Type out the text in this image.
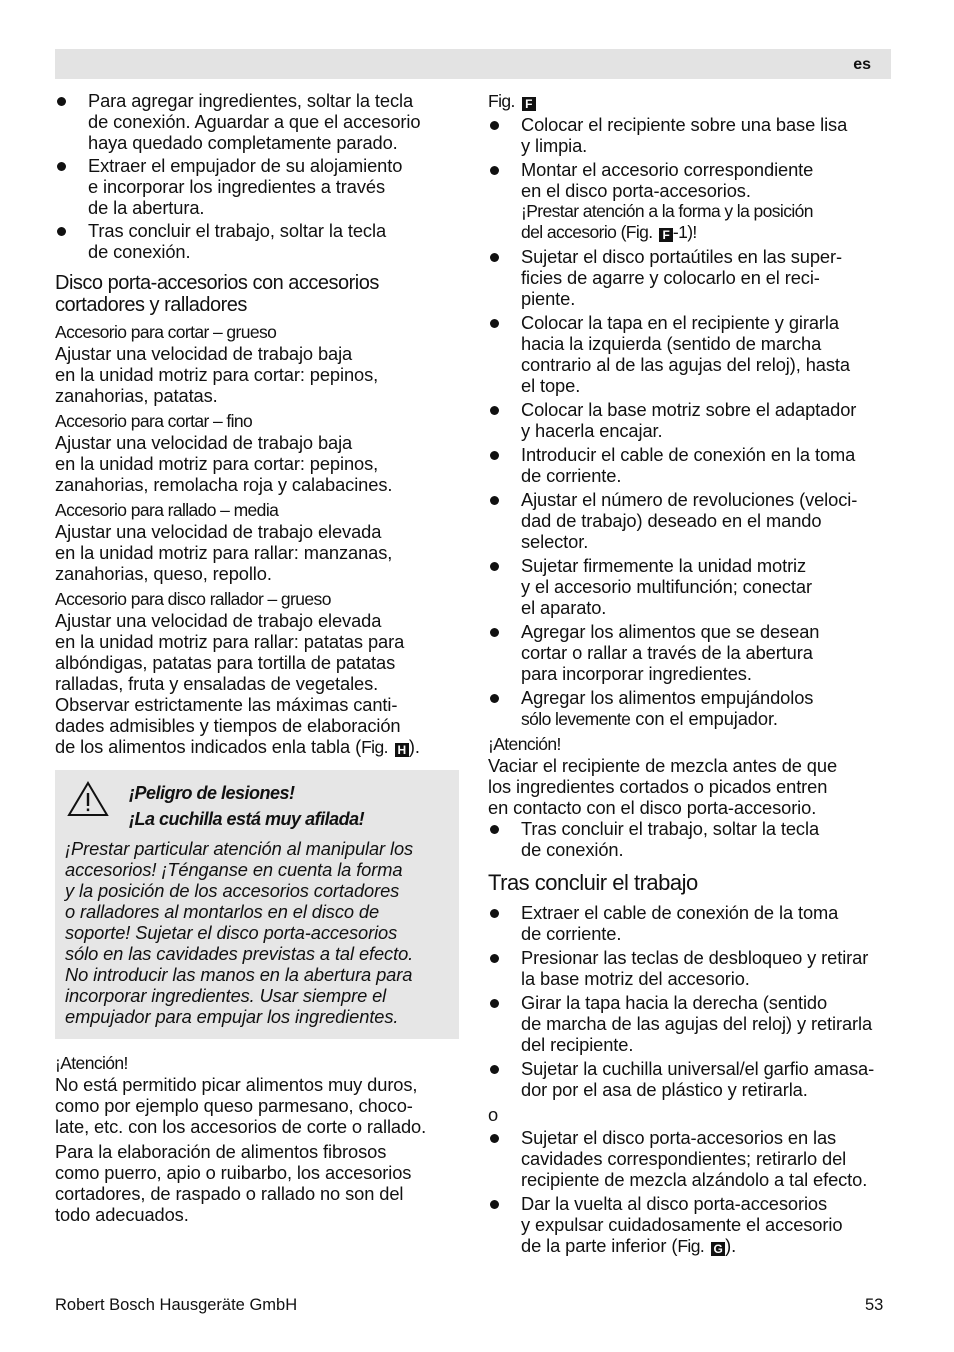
es
Para agregar ingredientes, soltar la tecla
de conexión. Aguardar a que el accesorio
haya quedado completamente parado.
Extraer el empujador de su alojamiento
e incorporar los ingredientes a través
de la abertura.
Tras concluir el trabajo, soltar la tecla
de conexión.
Disco porta-accesorios con accesorios
cortadores y ralladores
Accesorio para cortar – grueso
Ajustar una velocidad de trabajo baja
en la unidad motriz para cortar: pepinos,
zanahorias, patatas.
Accesorio para cortar – fino
Ajustar una velocidad de trabajo baja
en la unidad motriz para cortar: pepinos,
zanahorias, remolacha roja y calabacines.
Accesorio para rallado – media
Ajustar una velocidad de trabajo elevada
en la unidad motriz para rallar: manzanas,
zanahorias, queso, repollo.
Accesorio para disco rallador – grueso
Ajustar una velocidad de trabajo elevada
en la unidad motriz para rallar: patatas para
albóndigas, patatas para tortilla de patatas
ralladas, fruta y ensaladas de vegetales.
Observar estrictamente las máximas canti-
dades admisibles y tiempos de elaboración
de los alimentos indicados enla tabla (Fig. H ).
¡Peligro de lesiones!
¡La cuchilla está muy afilada!
¡Prestar particular atención al manipular los
accesorios! ¡Ténganse en cuenta la forma
y la posición de los accesorios cortadores
o ralladores al montarlos en el disco de
soporte! Sujetar el disco porta-accesorios
sólo en las cavidades previstas a tal efecto.
No introducir las manos en la abertura para
incorporar ingredientes. Usar siempre el
empujador para empujar los ingredientes.
¡Atención!
No está permitido picar alimentos muy duros,
como por ejemplo queso parmesano, choco-
late, etc. con los accesorios de corte o rallado.
Para la elaboración de alimentos fibrosos
como puerro, apio o ruibarbo, los accesorios
cortadores, de raspado o rallado no son del
todo adecuados.
Fig. F
Colocar el recipiente sobre una base lisa
y limpia.
Montar el accesorio correspondiente
en el disco porta-accesorios.
¡Prestar atención a la forma y la posición
del accesorio (Fig. F -1)!
Sujetar el disco portaútiles en las super-
ficies de agarre y colocarlo en el reci-
piente.
Colocar la tapa en el recipiente y girarla
hacia la izquierda (sentido de marcha
contrario al de las agujas del reloj), hasta
el tope.
Colocar la base motriz sobre el adaptador
y hacerla encajar.
Introducir el cable de conexión en la toma
de corriente.
Ajustar el número de revoluciones (veloci-
dad de trabajo) deseado en el mando
selector.
Sujetar firmemente la unidad motriz
y el accesorio multifunción; conectar
el aparato.
Agregar los alimentos que se desean
cortar o rallar a través de la abertura
para incorporar ingredientes.
Agregar los alimentos empujándolos
sólo levemente con el empujador.
¡Atención!
Vaciar el recipiente de mezcla antes de que
los ingredientes cortados o picados entren
en contacto con el disco porta-accesorio.
Tras concluir el trabajo, soltar la tecla
de conexión.
Tras concluir el trabajo
Extraer el cable de conexión de la toma
de corriente.
Presionar las teclas de desbloqueo y retirar
la base motriz del accesorio.
Girar la tapa hacia la derecha (sentido
de marcha de las agujas del reloj) y retirarla
del recipiente.
Sujetar la cuchilla universal/el garfio amasa-
dor por el asa de plástico y retirarla.
o
Sujetar el disco porta-accesorios en las
cavidades correspondientes; retirarlo del
recipiente de mezcla alzándolo a tal efecto.
Dar la vuelta al disco porta-accesorios
y expulsar cuidadosamente el accesorio
de la parte inferior (Fig. G ).
Robert Bosch Hausgeräte GmbH	53
